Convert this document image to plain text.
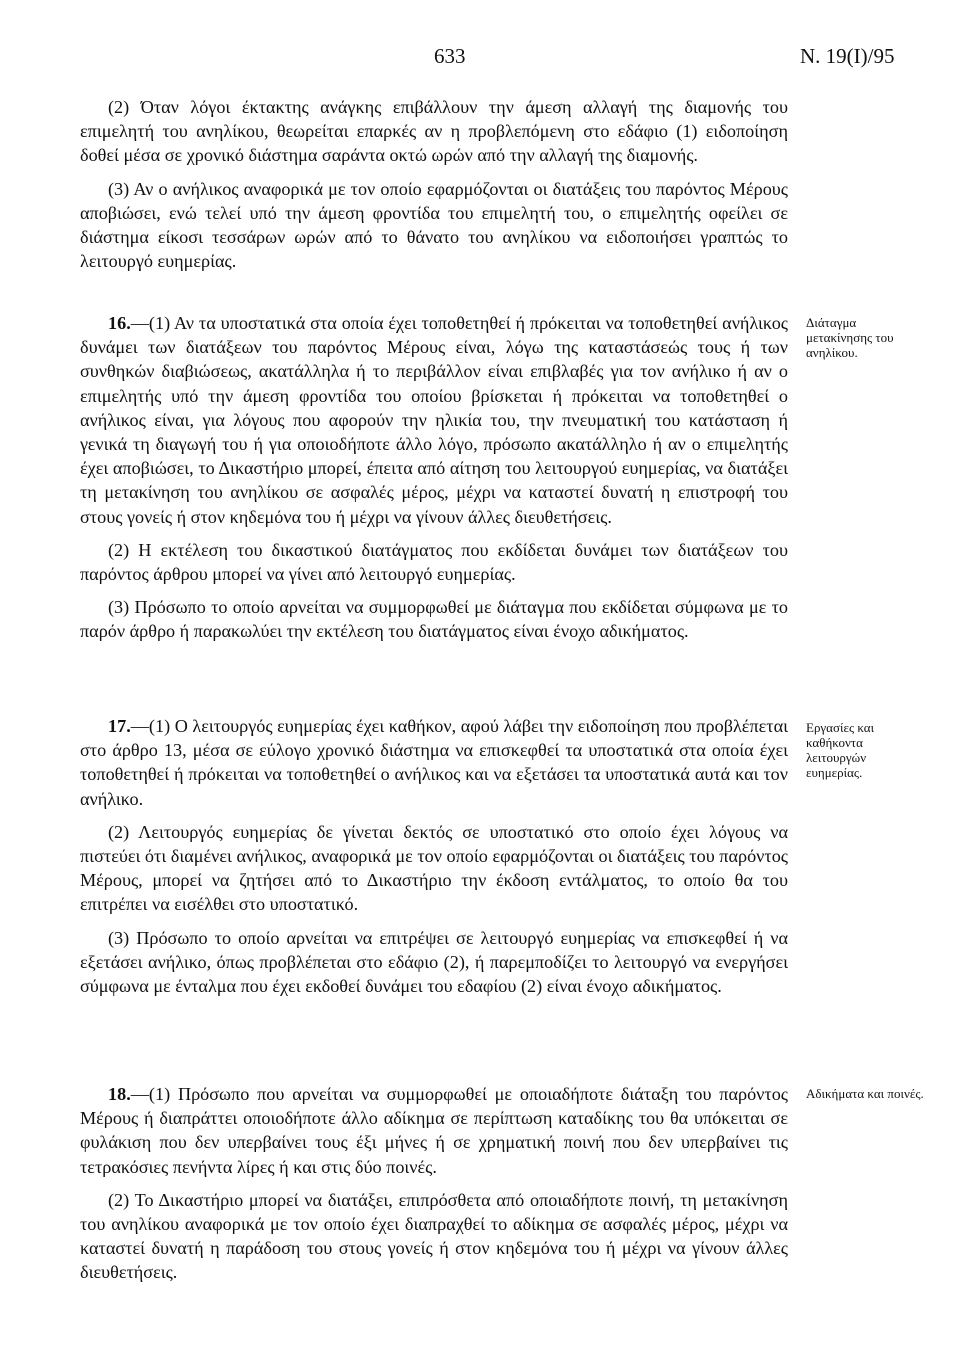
633	Ν. 19(Ι)/95

(2) Όταν λόγοι έκτακτης ανάγκης επιβάλλουν την άμεση αλλαγή της διαμονής του επιμελητή του ανηλίκου, θεωρείται επαρκές αν η προβλεπόμενη στο εδάφιο (1) ειδοποίηση δοθεί μέσα σε χρονικό διάστημα σαράντα οκτώ ωρών από την αλλαγή της διαμονής.

(3) Αν ο ανήλικος αναφορικά με τον οποίο εφαρμόζονται οι διατάξεις του παρόντος Μέρους αποβιώσει, ενώ τελεί υπό την άμεση φροντίδα του επιμελητή του, ο επιμελητής οφείλει σε διάστημα είκοσι τεσσάρων ωρών από το θάνατο του ανηλίκου να ειδοποιήσει γραπτώς το λειτουργό ευημερίας.

16.—(1) Αν τα υποστατικά στα οποία έχει τοποθετηθεί ή πρόκειται να τοποθετηθεί ανήλικος δυνάμει των διατάξεων του παρόντος Μέρους είναι, λόγω της καταστάσεώς τους ή των συνθηκών διαβιώσεως, ακατάλληλα ή το περιβάλλον είναι επιβλαβές για τον ανήλικο ή αν ο επιμελητής υπό την άμεση φροντίδα του οποίου βρίσκεται ή πρόκειται να τοποθετηθεί ο ανήλικος είναι, για λόγους που αφορούν την ηλικία του, την πνευματική του κατάσταση ή γενικά τη διαγωγή του ή για οποιοδήποτε άλλο λόγο, πρόσωπο ακατάλληλο ή αν ο επιμελητής έχει αποβιώσει, το Δικαστήριο μπορεί, έπειτα από αίτηση του λειτουργού ευημερίας, να διατάξει τη μετακίνηση του ανηλίκου σε ασφαλές μέρος, μέχρι να καταστεί δυνατή η επιστροφή του στους γονείς ή στον κηδεμόνα του ή μέχρι να γίνουν άλλες διευθετήσεις.

(2) Η εκτέλεση του δικαστικού διατάγματος που εκδίδεται δυνάμει των διατάξεων του παρόντος άρθρου μπορεί να γίνει από λειτουργό ευημερίας.

(3) Πρόσωπο το οποίο αρνείται να συμμορφωθεί με διάταγμα που εκδίδεται σύμφωνα με το παρόν άρθρο ή παρακωλύει την εκτέλεση του διατάγματος είναι ένοχο αδικήματος.

Διάταγμα μετακίνησης του ανηλίκου.

17.—(1) Ο λειτουργός ευημερίας έχει καθήκον, αφού λάβει την ειδοποίηση που προβλέπεται στο άρθρο 13, μέσα σε εύλογο χρονικό διάστημα να επισκεφθεί τα υποστατικά στα οποία έχει τοποθετηθεί ή πρόκειται να τοποθετηθεί ο ανήλικος και να εξετάσει τα υποστατικά αυτά και τον ανήλικο.

(2) Λειτουργός ευημερίας δε γίνεται δεκτός σε υποστατικό στο οποίο έχει λόγους να πιστεύει ότι διαμένει ανήλικος, αναφορικά με τον οποίο εφαρμόζονται οι διατάξεις του παρόντος Μέρους, μπορεί να ζητήσει από το Δικαστήριο την έκδοση εντάλματος, το οποίο θα του επιτρέπει να εισέλθει στο υποστατικό.

(3) Πρόσωπο το οποίο αρνείται να επιτρέψει σε λειτουργό ευημερίας να επισκεφθεί ή να εξετάσει ανήλικο, όπως προβλέπεται στο εδάφιο (2), ή παρεμποδίζει το λειτουργό να ενεργήσει σύμφωνα με ένταλμα που έχει εκδοθεί δυνάμει του εδαφίου (2) είναι ένοχο αδικήματος.

Εργασίες και καθήκοντα λειτουργών ευημερίας.

18.—(1) Πρόσωπο που αρνείται να συμμορφωθεί με οποιαδήποτε διάταξη του παρόντος Μέρους ή διαπράττει οποιοδήποτε άλλο αδίκημα σε περίπτωση καταδίκης του θα υπόκειται σε φυλάκιση που δεν υπερβαίνει τους έξι μήνες ή σε χρηματική ποινή που δεν υπερβαίνει τις τετρακόσιες πενήντα λίρες ή και στις δύο ποινές.

(2) Το Δικαστήριο μπορεί να διατάξει, επιπρόσθετα από οποιαδήποτε ποινή, τη μετακίνηση του ανηλίκου αναφορικά με τον οποίο έχει διαπραχθεί το αδίκημα σε ασφαλές μέρος, μέχρι να καταστεί δυνατή η παράδοση του στους γονείς ή στον κηδεμόνα του ή μέχρι να γίνουν άλλες διευθετήσεις.

Αδικήματα και ποινές.
